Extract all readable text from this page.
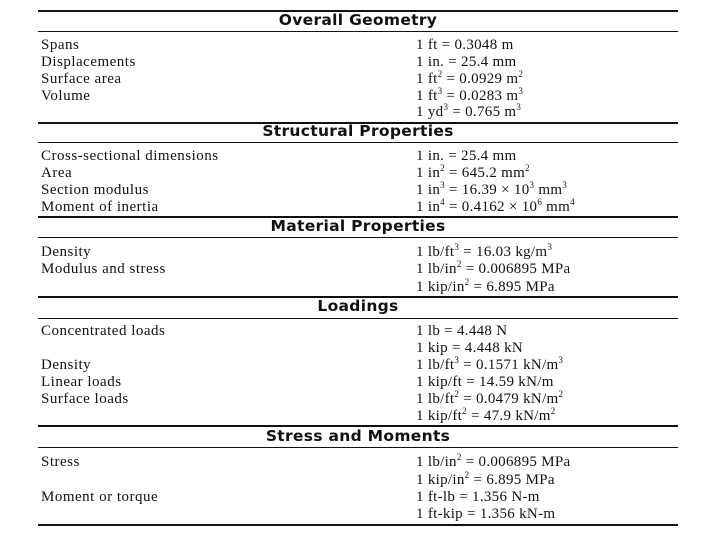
Overall Geometry
Spans	1 ft = 0.3048 m
Displacements	1 in. = 25.4 mm
Surface area	1 $ft^2 = 0.0929$ $m^2$
Volume	1 $ft^3 = 0.0283$ $m^3$
1 $yd^3 = 0.765$ $m^3$
Structural Properties
Cross-sectional dimensions	1 in. = 25.4 mm
Area	1 $in^2 = 645.2$ $mm^2$
Section modulus	1 $in^3 = 16.39 \times 10^3$ $mm^3$
Moment of inertia	1 $in^4 = 0.4162 \times 10^6$ $mm^4$
Material Properties
Density	1 $lb/ft^3 = 16.03$ $kg/m^3$
Modulus and stress	1 $lb/in^2 = 0.006895$ MPa
1 kip/$in^2 = 6.895$ MPa
Loadings
Concentrated loads	1 lb = 4.448 N
1 kip = 4.448 kN
Density	1 $lb/ft^3 = 0.1571$ $kN/m^3$
Linear loads	1 kip/ft = 14.59 kN/m
Surface loads	1 $lb/ft^2 = 0.0479$ $kN/m^2$
1 kip/$ft^2 = 47.9$ $kN/m^2$
Stress and Moments
Stress	1 $lb/in^2 = 0.006895$ MPa
1 kip/$in^2 = 6.895$ MPa
Moment or torque	1 ft-lb = 1.356 N-m
1 ft-kip = 1.356 kN-m
